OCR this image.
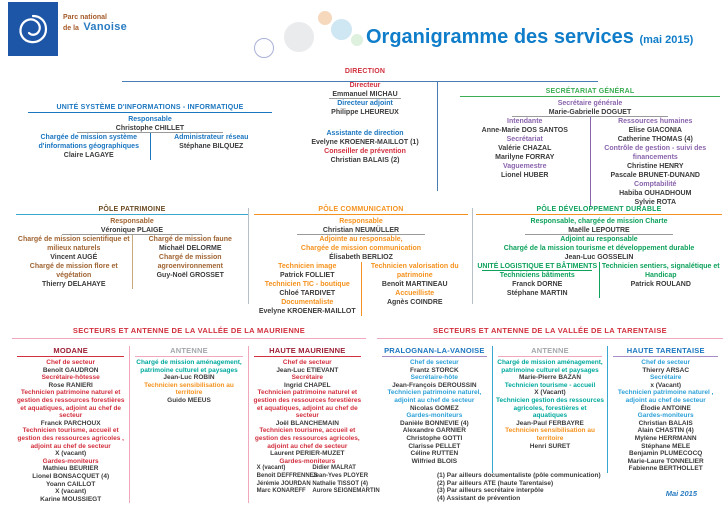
Parc national
de la Vanoise	Organigramme des services (mai 2015)
UNITÉ SYSTÈME D'INFORMATIONS - INFORMATIQUE
Responsable
Christophe CHILLET
Chargée de mission système d'informations géographiques
Claire LAGAYE
Administrateur réseau
Stéphane BILQUEZ
DIRECTION
Directeur
Emmanuel MICHAU
Directeur adjoint
Philippe LHEUREUX
Assistante de direction
Evelyne KROENER-MAILLOT (1)
Conseiller de prévention
Christian BALAIS (2)
SECRÉTARIAT GÉNÉRAL
Secrétaire générale
Marie-Gabrielle DOGUET
Intendante
Anne-Marie DOS SANTOS
Secrétariat
Valérie CHAZAL
Marilyne FORRAY
Vaguemestre
Lionel HUBER
Ressources humaines
Elise GIACONIA
Catherine THOMAS (4)
Contrôle de gestion - suivi des financements
Christine HENRY
Pascale BRUNET-DUNAND
Comptabilité
Habiba OUHADHOUM
Sylvie ROTA
PÔLE PATRIMOINE
Responsable
Véronique PLAIGE
Chargé de mission scientifique et milieux naturels
Vincent AUGÉ
Chargé de mission flore et végétation
Thierry DELAHAYE
Chargé de mission faune
Michaël DELORME
Chargé de mission agroenvironnement
Guy-Noël GROSSET
PÔLE COMMUNICATION
Responsable
Christian NEUMÜLLER
Adjointe au responsable,
Chargée de mission communication
Élisabeth BERLIOZ
Technicien image
Patrick FOLLIET
Technicien TIC - boutique
Chloé TARDIVET
Documentaliste
Evelyne KROENER-MAILLOT
Technicien valorisation du patrimoine
Benoît MARTINEAU
Accueilliste
Agnès COINDRE
PÔLE DÉVELOPPEMENT DURABLE
Responsable, chargée de mission Charte
Maëlle LEPOUTRE
Adjoint au responsable
Chargé de la mission tourisme et développement durable
Jean-Luc GOSSELIN
UNITÉ LOGISTIQUE ET BÂTIMENTS
Techniciens bâtiments
Franck DORNE
Stéphane MARTIN
Technicien sentiers, signalétique et Handicap
Patrick ROULAND
SECTEURS ET ANTENNE DE LA VALLÉE DE LA MAURIENNE
MODANE
Chef de secteur
Benoît GAUDRON
Secrétaire-hôtesse
Rose RANIERI
Technicien patrimoine naturel et gestion des ressources forestières et aquatiques, adjoint au chef de secteur
Franck PARCHOUX
Technicien tourisme, accueil et gestion des ressources agricoles , adjoint au chef de secteur
X (vacant)
Gardes-moniteurs
Mathieu BEURIER
Lionel BONSACQUET (4)
Yoann CAILLOT
X (vacant)
Karine MOUSSIEGT
ANTENNE
Chargé de mission aménagement, patrimoine culturel et paysages
Jean-Luc ROBIN
Technicien sensibilisation au territoire
Guido MEEUS
HAUTE MAURIENNE
Chef de secteur
Jean-Luc ETIEVANT
Secrétaire
Ingrid CHAPEL
Technicien patrimoine naturel et gestion des ressources forestières et aquatiques, adjoint au chef de secteur
Joël BLANCHEMAIN
Technicien tourisme, accueil et gestion des ressources agricoles, adjoint au chef de secteur
Laurent PERIER-MUZET
Gardes-moniteurs
X (vacant)
Benoît DEFFRENNES
Jérémie JOURDAN
Marc KONAREFF
Didier MALRAT
Jean-Yves PLOYER
Nathalie TISSOT (4)
Aurore SEIGNEMARTIN
SECTEURS ET ANTENNE DE LA VALLÉE DE LA TARENTAISE
PRALOGNAN-LA-VANOISE
Chef de secteur
Frantz STORCK
Secrétaire-hôte
Jean-François DEROUSSIN
Technicien patrimoine naturel, adjoint au chef de secteur
Nicolas GOMEZ
Gardes-moniteurs
Danièle BONNEVIE (4)
Alexandre GARNIER
Christophe GOTTI
Clarisse PELLET
Céline RUTTEN
Wilfried BLOIS
ANTENNE
Chargé de mission aménagement, patrimoine culturel et paysages
Marie-Pierre BAZAN
Technicien tourisme - accueil
X (Vacant)
Technicien gestion des ressources agricoles, forestières et aquatiques
Jean-Paul FERBAYRE
Technicien sensibilisation au territoire
Henri SURET
HAUTE TARENTAISE
Chef de secteur
Thierry ARSAC
Secrétaire
x (Vacant)
Technicien patrimoine naturel , adjoint au chef de secteur
Élodie ANTOINE
Gardes-moniteurs
Christian BALAIS
Alain CHASTIN (4)
Mylène HERRMANN
Stéphane MELE
Benjamin PLUMECOCQ
Marie-Laure TONNELIER
Fabienne BERTHOLLET
(1) Par ailleurs documentaliste (pôle communication)
(2) Par ailleurs ATE (haute Tarentaise)
(3) Par ailleurs secrétaire interpôle
(4) Assistant de prévention
Mai 2015
